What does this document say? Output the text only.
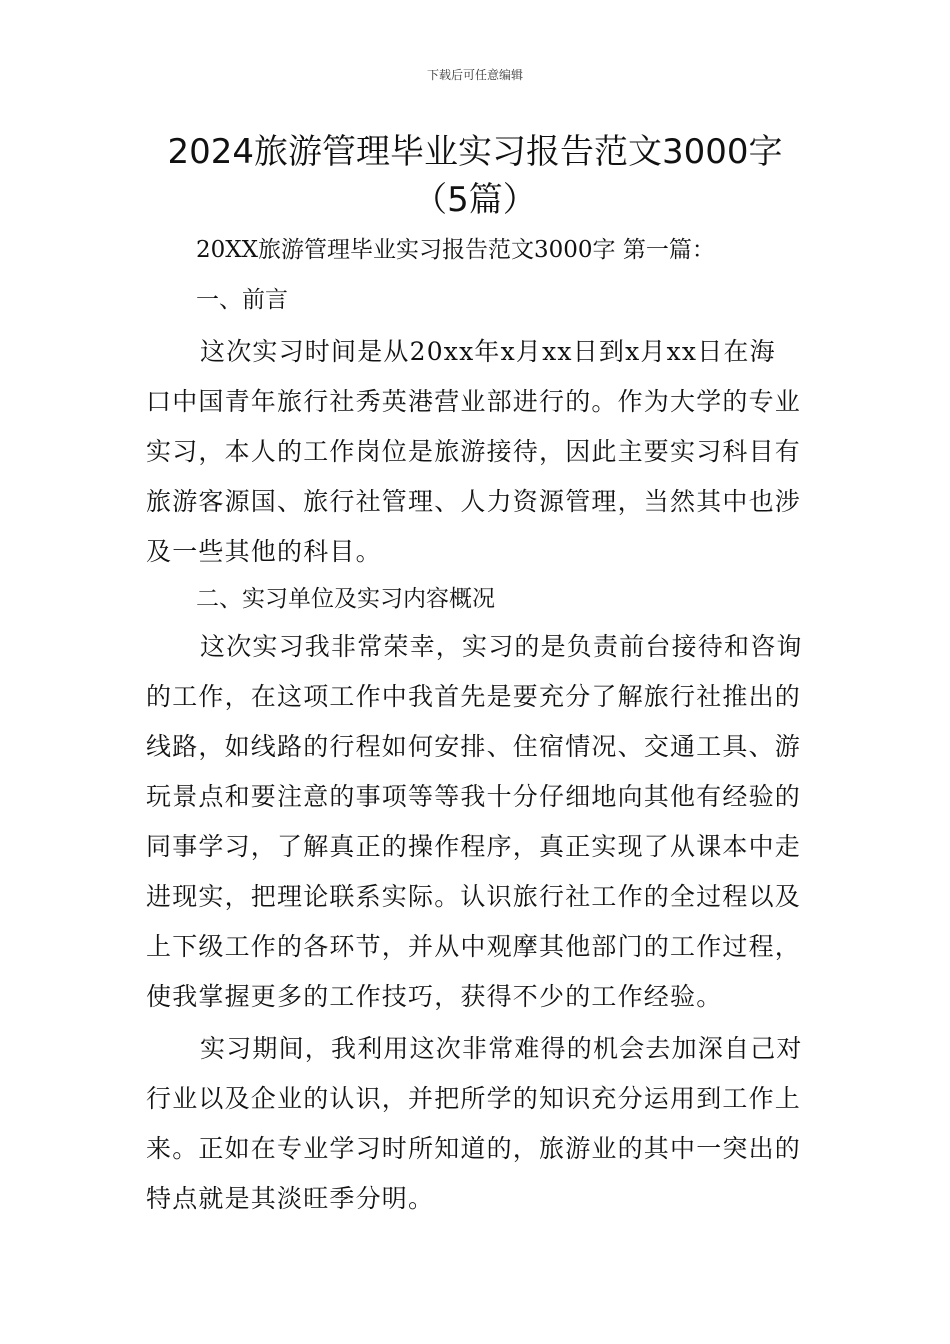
下载后可任意编辑
2024旅游管理毕业实习报告范文3000字
（5篇）
20XX旅游管理毕业实习报告范文3000字 第一篇：
一、前言
这次实习时间是从20xx年x月xx日到x月xx日在海
口中国青年旅行社秀英港营业部进行的。作为大学的专业
实习，本人的工作岗位是旅游接待，因此主要实习科目有
旅游客源国、旅行社管理、人力资源管理，当然其中也涉
及一些其他的科目。
二、实习单位及实习内容概况
这次实习我非常荣幸，实习的是负责前台接待和咨询
的工作，在这项工作中我首先是要充分了解旅行社推出的
线路，如线路的行程如何安排、住宿情况、交通工具、游
玩景点和要注意的事项等等我十分仔细地向其他有经验的
同事学习，了解真正的操作程序，真正实现了从课本中走
进现实，把理论联系实际。认识旅行社工作的全过程以及
上下级工作的各环节，并从中观摩其他部门的工作过程，
使我掌握更多的工作技巧，获得不少的工作经验。
实习期间，我利用这次非常难得的机会去加深自己对
行业以及企业的认识，并把所学的知识充分运用到工作上
来。正如在专业学习时所知道的，旅游业的其中一突出的
特点就是其淡旺季分明。
